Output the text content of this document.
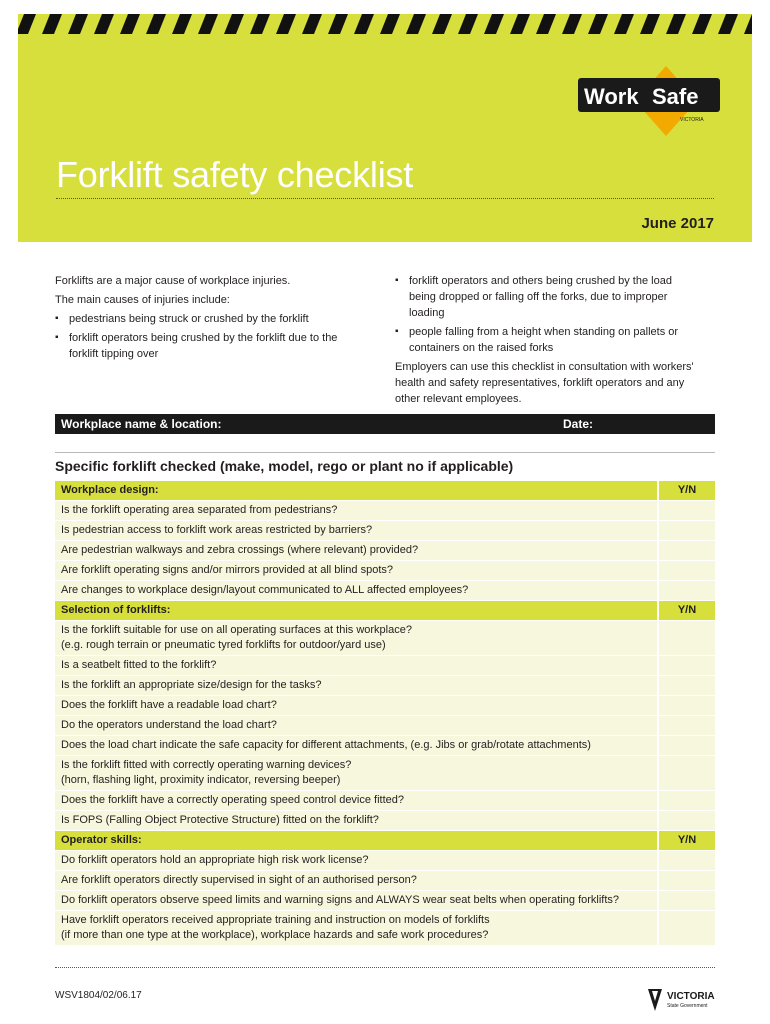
Work Safe
VICTORIA
Forklift safety checklist
June 2017

Forklifts are a major cause of workplace injuries.

The main causes of injuries include:

▪ pedestrians being struck or crushed by the forklift
▪ forklift operators being crushed by the forklift due to the forklift tipping over
▪ forklift operators and others being crushed by the load being dropped or falling off the forks, due to improper loading
▪ people falling from a height when standing on pallets or containers on the raised forks

Employers can use this checklist in consultation with workers' health and safety representatives, forklift operators and any other relevant employees.

Workplace name & location:	Date:
Specific forklift checked (make, model, rego or plant no if applicable)
Workplace design:	Y/N
Is the forklift operating area separated from pedestrians?	
Is pedestrian access to forklift work areas restricted by barriers?	
Are pedestrian walkways and zebra crossings (where relevant) provided?	
Are forklift operating signs and/or mirrors provided at all blind spots?	
Are changes to workplace design/layout communicated to ALL affected employees?	
Selection of forklifts:	Y/N
Is the forklift suitable for use on all operating surfaces at this workplace?
(e.g. rough terrain or pneumatic tyred forklifts for outdoor/yard use)	
Is a seatbelt fitted to the forklift?	
Is the forklift an appropriate size/design for the tasks?	
Does the forklift have a readable load chart?	
Do the operators understand the load chart?	
Does the load chart indicate the safe capacity for different attachments, (e.g. Jibs or grab/rotate attachments)	
Is the forklift fitted with correctly operating warning devices?
(horn, flashing light, proximity indicator, reversing beeper)	
Does the forklift have a correctly operating speed control device fitted?	
Is FOPS (Falling Object Protective Structure) fitted on the forklift?	
Operator skills:	Y/N
Do forklift operators hold an appropriate high risk work license?	
Are forklift operators directly supervised in sight of an authorised person?	
Do forklift operators observe speed limits and warning signs and ALWAYS wear seat belts when operating forklifts?	
Have forklift operators received appropriate training and instruction on models of forklifts
(if more than one type at the workplace), workplace hazards and safe work procedures?	
WSV1804/02/06.17	VICTORIA
State Government
